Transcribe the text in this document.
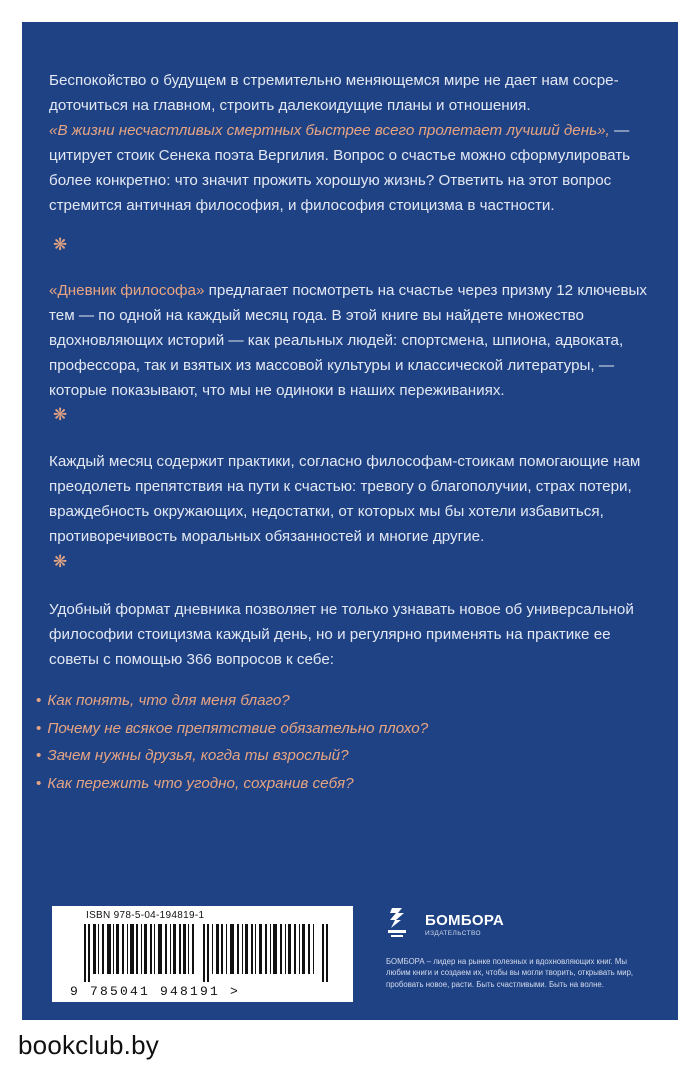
Беспокойство о будущем в стремительно меняющемся мире не дает нам сосре-
доточиться на главном, строить далекоидущие планы и отношения.
«В жизни несчастливых смертных быстрее всего пролетает лучший день», — цитирует стоик Сенека поэта Вергилия. Вопрос о счастье можно сформулировать более конкретно: что значит прожить хорошую жизнь? Ответить на этот вопрос стремится античная философия, и философия стоицизма в частности.
❋
«Дневник философа» предлагает посмотреть на счастье через призму 12 ключевых тем — по одной на каждый месяц года. В этой книге вы найдете множество вдохновляющих историй — как реальных людей: спортсмена, шпиона, адвоката, профессора, так и взятых из массовой культуры и классической литературы, — которые показывают, что мы не одиноки в наших переживаниях.
❋
Каждый месяц содержит практики, согласно философам-стоикам помогающие нам преодолеть препятствия на пути к счастью: тревогу о благополучии, страх потери, враждебность окружающих, недостатки, от которых мы бы хотели избавиться, противоречивость моральных обязанностей и многие другие.
❋
Удобный формат дневника позволяет не только узнавать новое об универсальной философии стоицизма каждый день, но и регулярно применять на практике ее советы с помощью 366 вопросов к себе:
• Как понять, что для меня благо?
• Почему не всякое препятствие обязательно плохо?
• Зачем нужны друзья, когда ты взрослый?
• Как пережить что угодно, сохранив себя?
ISBN 978-5-04-194819-1
9 785041 948191 >
БОМБОРА
ИЗДАТЕЛЬСТВО
БОМБОРА – лидер на рынке полезных и вдохновляющих книг. Мы любим книги и создаем их, чтобы вы могли творить, открывать мир, пробовать новое, расти. Быть счастливыми. Быть на волне.
bookclub.by
